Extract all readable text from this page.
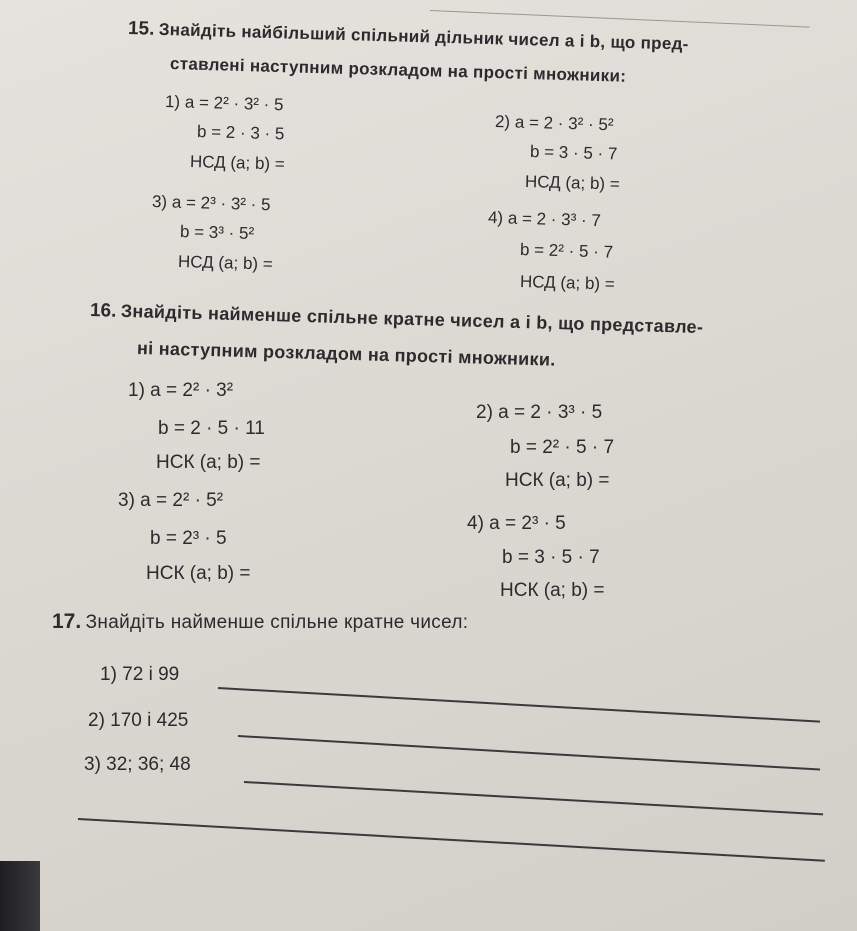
15. Знайдіть найбільший спільний дільник чисел a і b, що пред-
ставлені наступним розкладом на прості множники:
1) a = 2² · 3² · 5
b = 2 · 3 · 5
НСД (a; b) =
2) a = 2 · 3² · 5²
b = 3 · 5 · 7
НСД (a; b) =
3) a = 2³ · 3² · 5
b = 3³ · 5²
НСД (a; b) =
4) a = 2 · 3³ · 7
b = 2² · 5 · 7
НСД (a; b) =
16. Знайдіть найменше спільне кратне чисел a і b, що представле-
ні наступним розкладом на прості множники.
1) a = 2² · 3²
b = 2 · 5 · 11
НСК (a; b) =
2) a = 2 · 3³ · 5
b = 2² · 5 · 7
НСК (a; b) =
3) a = 2² · 5²
b = 2³ · 5
НСК (a; b) =
4) a = 2³ · 5
b = 3 · 5 · 7
НСК (a; b) =
17. Знайдіть найменше спільне кратне чисел:
1) 72 і 99
2) 170 і 425
3) 32; 36; 48
